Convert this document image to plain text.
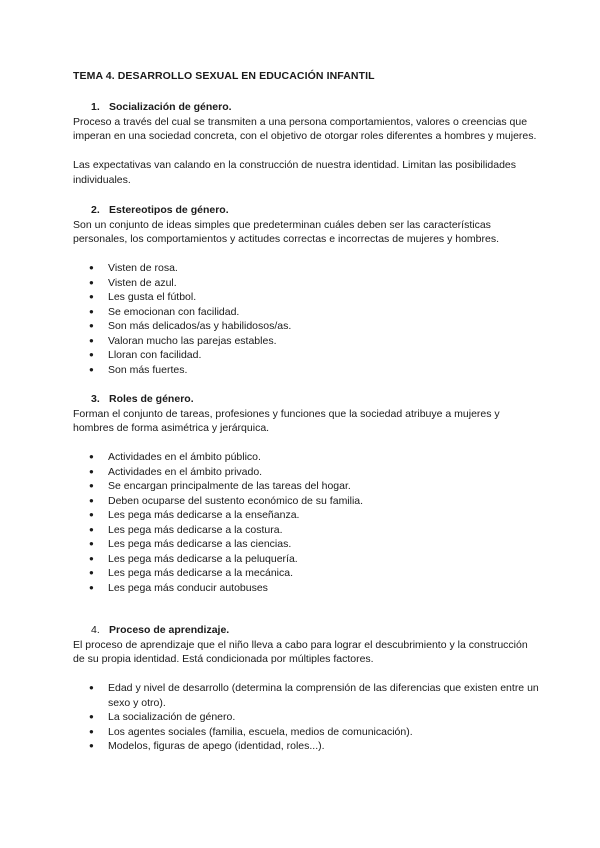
TEMA 4. DESARROLLO SEXUAL EN EDUCACIÓN INFANTIL
1. Socialización de género.

Proceso a través del cual se transmiten a una persona comportamientos, valores o creencias que imperan en una sociedad concreta, con el objetivo de otorgar roles diferentes a hombres y mujeres.

Las expectativas van calando en la construcción de nuestra identidad. Limitan las posibilidades individuales.

2. Estereotipos de género.

Son un conjunto de ideas simples que predeterminan cuáles deben ser las características personales, los comportamientos y actitudes correctas e incorrectas de mujeres y hombres.

● Visten de rosa.
● Visten de azul.
● Les gusta el fútbol.
● Se emocionan con facilidad.
● Son más delicados/as y habilidosos/as.
● Valoran mucho las parejas estables.
● Lloran con facilidad.
● Son más fuertes.
3. Roles de género.

Forman el conjunto de tareas, profesiones y funciones que la sociedad atribuye a mujeres y hombres de forma asimétrica y jerárquica.

● Actividades en el ámbito público.
● Actividades en el ámbito privado.
● Se encargan principalmente de las tareas del hogar.
● Deben ocuparse del sustento económico de su familia.
● Les pega más dedicarse a la enseñanza.
● Les pega más dedicarse a la costura.
● Les pega más dedicarse a las ciencias.
● Les pega más dedicarse a la peluquería.
● Les pega más dedicarse a la mecánica.
● Les pega más conducir autobuses
4. Proceso de aprendizaje.

El proceso de aprendizaje que el niño lleva a cabo para lograr el descubrimiento y la construcción de su propia identidad. Está condicionada por múltiples factores.

● Edad y nivel de desarrollo (determina la comprensión de las diferencias que existen entre un sexo y otro).
● La socialización de género.
● Los agentes sociales (familia, escuela, medios de comunicación).
● Modelos, figuras de apego (identidad, roles...).
